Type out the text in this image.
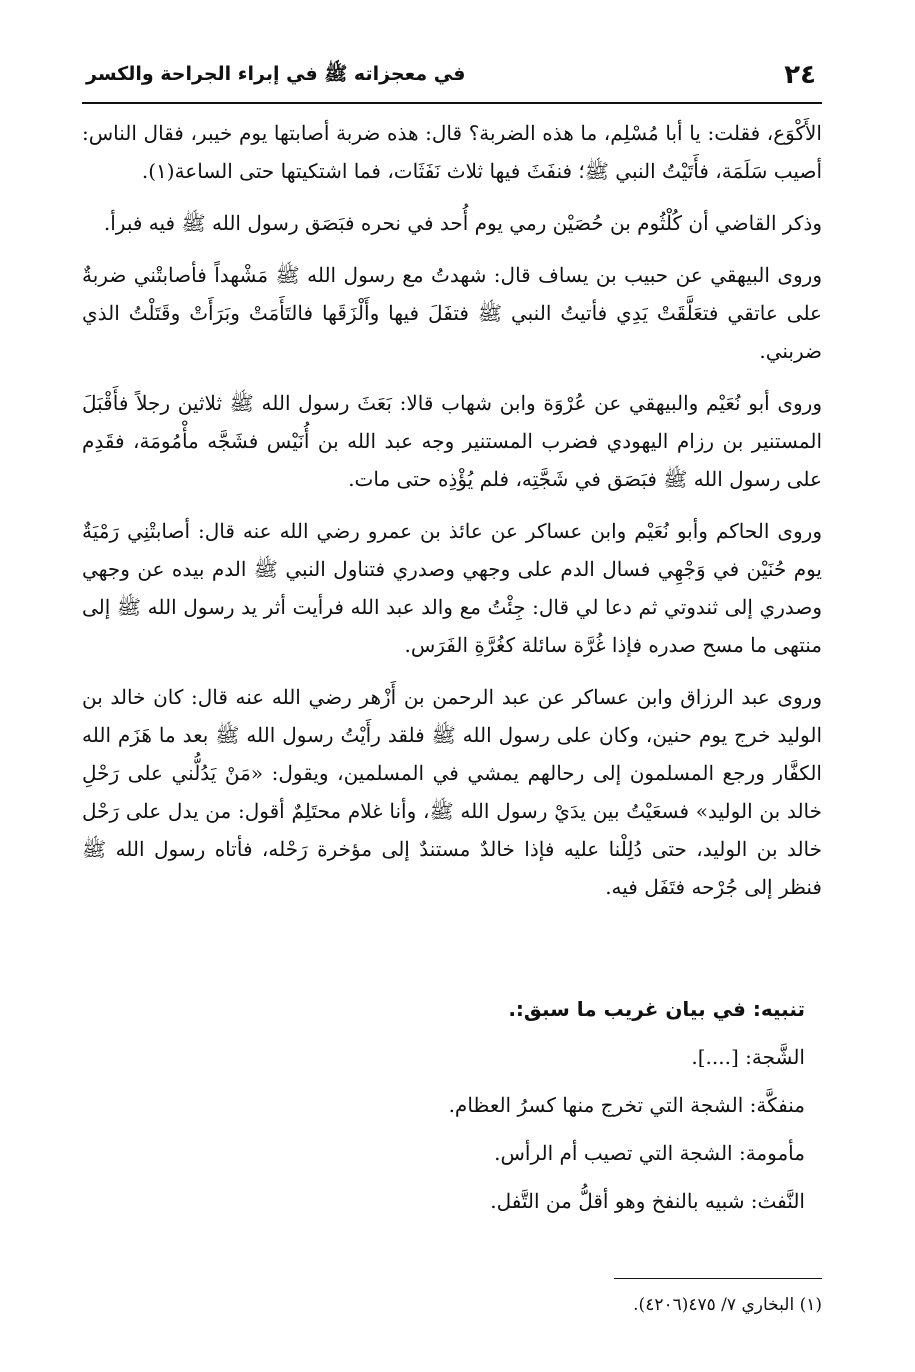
٢٤
في معجزاته ﷺ في إبراء الجراحة والكسر

الأَكْوَع، فقلت: يا أبا مُسْلِم، ما هذه الضربة؟ قال: هذه ضربة أصابتها يوم خيبر، فقال الناس: أصيب سَلَمَة، فأَتَيْتُ النبي ﷺ؛ فنفَثَ فيها ثلاث نَفَثَات، فما اشتكيتها حتى الساعة(١).

وذكر القاضي أن كُلْثُوم بن حُصَيْن رمي يوم أُحد في نحره فبَصَق رسول الله ﷺ فيه فبرأ.

وروى البيهقي عن حبيب بن يساف قال: شهدتُ مع رسول الله ﷺ مَشْهداً فأصابتْني ضربةٌ على عاتقي فتعَلَّقَتْ يَدِي فأتيتُ النبي ﷺ فتفَلَ فيها وأَلْزَقَها فالتَأَمَتْ وبَرَأَتْ وقَتَلْتُ الذي ضربني.

وروى أبو نُعَيْم والبيهقي عن عُرْوَة وابن شهاب قالا: بَعَثَ رسول الله ﷺ ثلاثين رجلاً فأَقْبَلَ المستنير بن رزام اليهودي فضرب المستنير وجه عبد الله بن أُنَيْس فشَجَّه مأْمُومَة، فقَدِم على رسول الله ﷺ فبَصَق في شَجَّتِه، فلم يُؤْذِه حتى مات.

وروى الحاكم وأبو نُعَيْم وابن عساكر عن عائذ بن عمرو رضي الله عنه قال: أصابتْنِي رَمْيَةٌ يوم حُنَيْن في وَجْهِي فسال الدم على وجهي وصدري فتناول النبي ﷺ الدم بيده عن وجهي وصدري إلى ثندوتي ثم دعا لي قال: جِئْتُ مع والد عبد الله فرأيت أثر يد رسول الله ﷺ إلى منتهى ما مسح صدره فإذا غُرَّة سائلة كغُرَّةِ الفَرَس.

وروى عبد الرزاق وابن عساكر عن عبد الرحمن بن أَزْهر رضي الله عنه قال: كان خالد بن الوليد خرج يوم حنين، وكان على رسول الله ﷺ فلقد رأَيْتُ رسول الله ﷺ بعد ما هَزَم الله الكفَّار ورجع المسلمون إلى رحالهم يمشي في المسلمين، ويقول: «مَنْ يَدُلُّني على رَحْلِ خالد بن الوليد» فسعَيْتُ بين يدَيْ رسول الله ﷺ، وأنا غلام محتَلِمٌ أقول: من يدل على رَحْل خالد بن الوليد، حتى دُلِلْنا عليه فإذا خالدٌ مستندٌ إلى مؤخرة رَحْله، فأتاه رسول الله ﷺ فنظر إلى جُرْحه فتَفَل فيه.

تنبيه: في بيان غريب ما سبق:.
الشَّجة: [....].
منفكَّة: الشجة التي تخرج منها كسرُ العظام.
مأمومة: الشجة التي تصيب أم الرأس.
النَّفث: شبيه بالنفخ وهو أقلُّ من التَّفل.
(١) البخاري ٧/ ٤٧٥(٤٢٠٦).
